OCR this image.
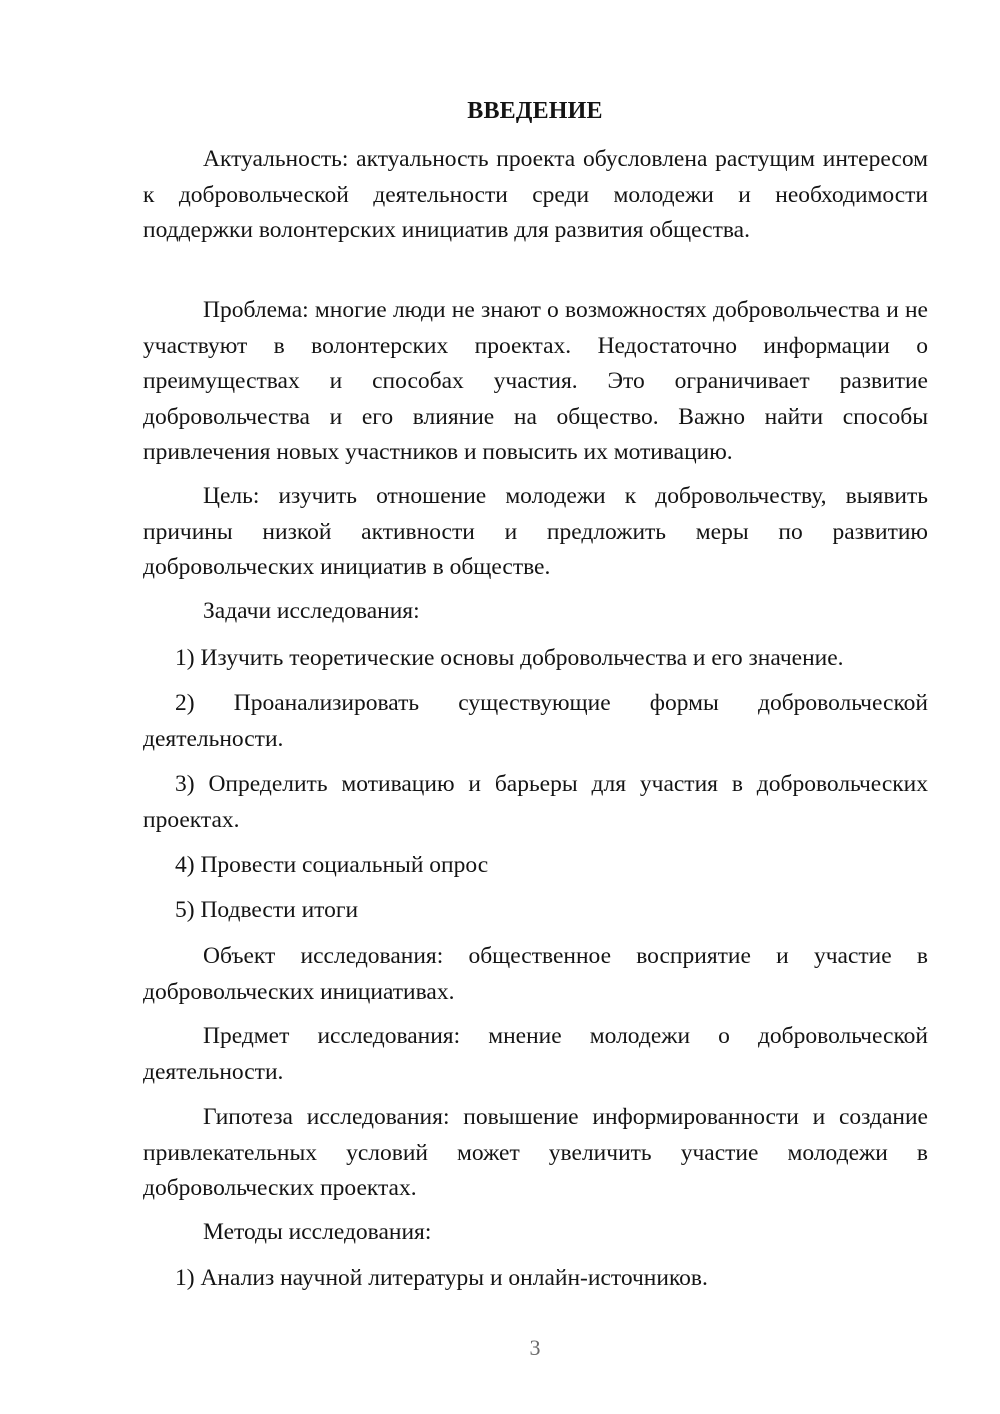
ВВЕДЕНИЕ

Актуальность: актуальность проекта обусловлена растущим интересом к добровольческой деятельности среди молодежи и необходимости поддержки волонтерских инициатив для развития общества.

Проблема: многие люди не знают о возможностях добровольчества и не участвуют в волонтерских проектах. Недостаточно информации о преимуществах и способах участия. Это ограничивает развитие добровольчества и его влияние на общество. Важно найти способы привлечения новых участников и повысить их мотивацию.

Цель: изучить отношение молодежи к добровольчеству, выявить причины низкой активности и предложить меры по развитию добровольческих инициатив в обществе.

Задачи исследования:

1) Изучить теоретические основы добровольчества и его значение.

2) Проанализировать существующие формы добровольческой деятельности.

3) Определить мотивацию и барьеры для участия в добровольческих проектах.

4) Провести социальный опрос

5) Подвести итоги

Объект исследования: общественное восприятие и участие в добровольческих инициативах.

Предмет исследования: мнение молодежи о добровольческой деятельности.

Гипотеза исследования: повышение информированности и создание привлекательных условий может увеличить участие молодежи в добровольческих проектах.

Методы исследования:

1) Анализ научной литературы и онлайн-источников.

3
